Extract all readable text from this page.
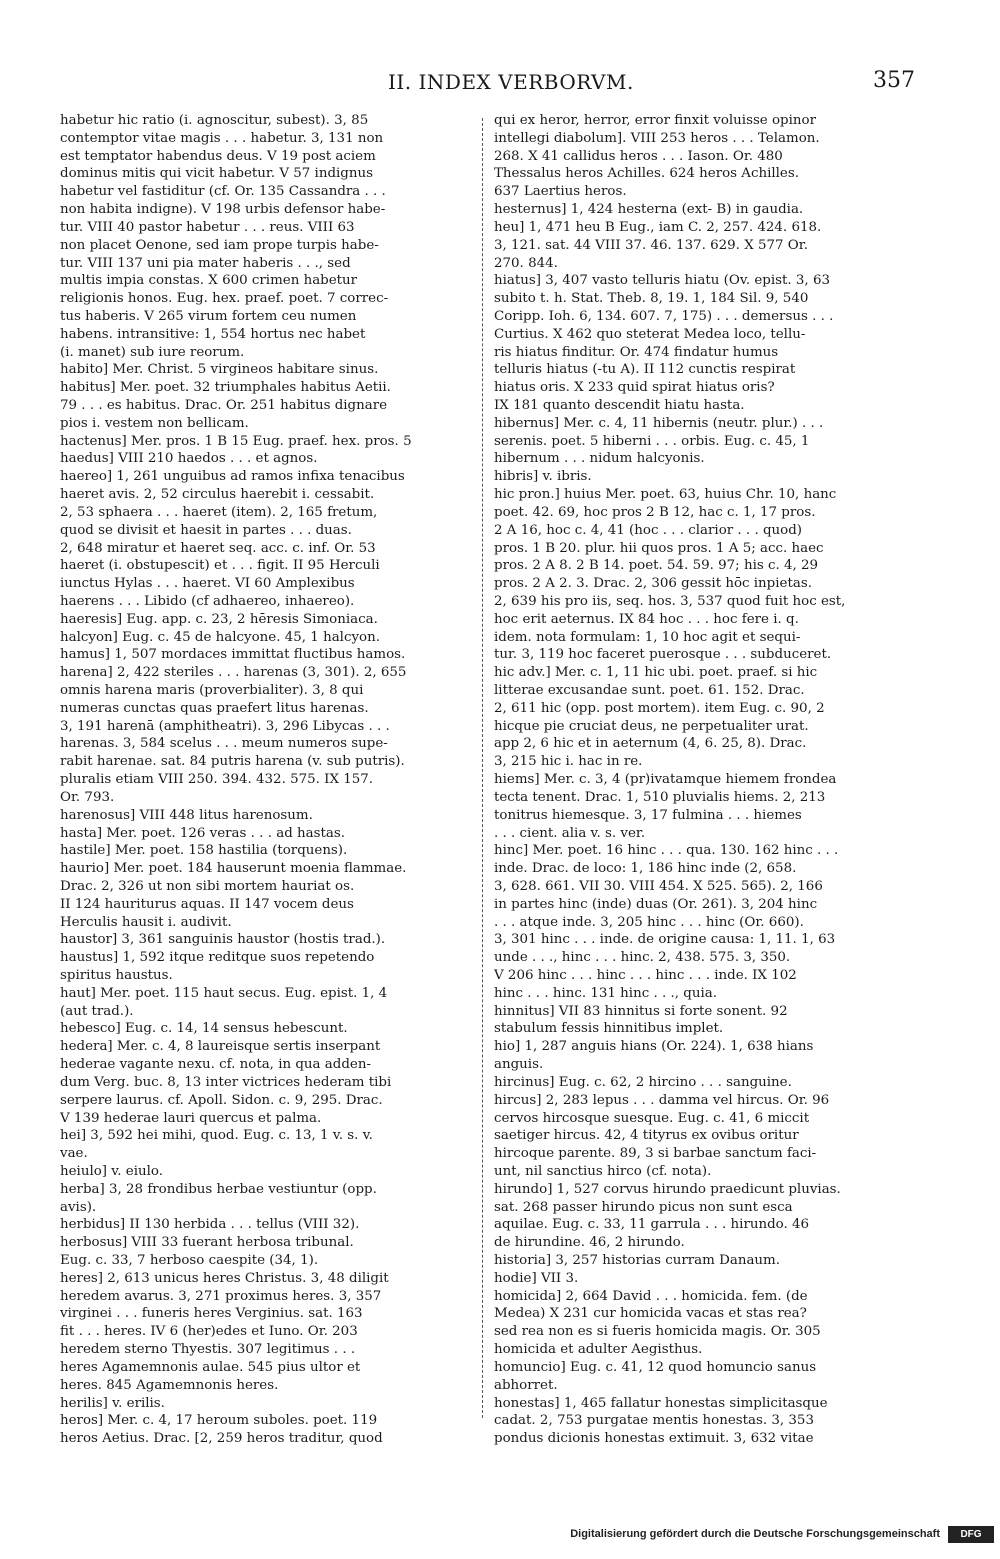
II. INDEX VERBORVM.	357
habetur hic ratio (i. agnoscitur, subest). 3, 85
contemptor vitae magis . . . habetur. 3, 131 non
est temptator habendus deus. V 19 post aciem
dominus mitis qui vicit habetur. V 57 indignus
habetur vel fastiditur (cf. Or. 135 Cassandra . . .
non habita indigne). V 198 urbis defensor habe-
tur. VIII 40 pastor habetur . . . reus. VIII 63
non placet Oenone, sed iam prope turpis habe-
tur. VIII 137 uni pia mater haberis . . ., sed
multis impia constas. X 600 crimen habetur
religionis honos. Eug. hex. praef. poet. 7 correc-
tus haberis. V 265 virum fortem ceu numen
habens. intransitive: 1, 554 hortus nec habet
(i. manet) sub iure reorum.
habito] Mer. Christ. 5 virgineos habitare sinus.
habitus] Mer. poet. 32 triumphales habitus Aetii.
79 . . . es habitus. Drac. Or. 251 habitus dignare
pios i. vestem non bellicam.
hactenus] Mer. pros. 1 B 15 Eug. praef. hex. pros. 5
haedus] VIII 210 haedos . . . et agnos.
haereo] 1, 261 unguibus ad ramos infixa tenacibus
haeret avis. 2, 52 circulus haerebit i. cessabit.
2, 53 sphaera . . . haeret (item). 2, 165 fretum,
quod se divisit et haesit in partes . . . duas.
2, 648 miratur et haeret seq. acc. c. inf. Or. 53
haeret (i. obstupescit) et . . . figit. II 95 Herculi
iunctus Hylas . . . haeret. VI 60 Amplexibus
haerens . . . Libido (cf adhaereo, inhaereo).
haeresis] Eug. app. c. 23, 2 hēresis Simoniaca.
halcyon] Eug. c. 45 de halcyone. 45, 1 halcyon.
hamus] 1, 507 mordaces immittat fluctibus hamos.
harena] 2, 422 steriles . . . harenas (3, 301). 2, 655
omnis harena maris (proverbialiter). 3, 8 qui
numeras cunctas quas praefert litus harenas.
3, 191 harenā (amphitheatri). 3, 296 Libycas . . .
harenas. 3, 584 scelus . . . meum numeros supe-
rabit harenae. sat. 84 putris harena (v. sub putris).
pluralis etiam VIII 250. 394. 432. 575. IX 157.
Or. 793.
harenosus] VIII 448 litus harenosum.
hasta] Mer. poet. 126 veras . . . ad hastas.
hastile] Mer. poet. 158 hastilia (torquens).
haurio] Mer. poet. 184 hauserunt moenia flammae.
Drac. 2, 326 ut non sibi mortem hauriat os.
II 124 hauriturus aquas. II 147 vocem deus
Herculis hausit i. audivit.
haustor] 3, 361 sanguinis haustor (hostis trad.).
haustus] 1, 592 itque reditque suos repetendo
spiritus haustus.
haut] Mer. poet. 115 haut secus. Eug. epist. 1, 4
(aut trad.).
hebesco] Eug. c. 14, 14 sensus hebescunt.
hedera] Mer. c. 4, 8 laureisque sertis inserpant
hederae vagante nexu. cf. nota, in qua adden-
dum Verg. buc. 8, 13 inter victrices hederam tibi
serpere laurus. cf. Apoll. Sidon. c. 9, 295. Drac.
V 139 hederae lauri quercus et palma.
hei] 3, 592 hei mihi, quod. Eug. c. 13, 1 v. s. v.
vae.
heiulo] v. eiulo.
herba] 3, 28 frondibus herbae vestiuntur (opp.
avis).
herbidus] II 130 herbida . . . tellus (VIII 32).
herbosus] VIII 33 fuerant herbosa tribunal.
Eug. c. 33, 7 herboso caespite (34, 1).
heres] 2, 613 unicus heres Christus. 3, 48 diligit
heredem avarus. 3, 271 proximus heres. 3, 357
virginei . . . funeris heres Verginius. sat. 163
fit . . . heres. IV 6 (her)edes et Iuno. Or. 203
heredem sterno Thyestis. 307 legitimus . . .
heres Agamemnonis aulae. 545 pius ultor et
heres. 845 Agamemnonis heres.
herilis] v. erilis.
heros] Mer. c. 4, 17 heroum suboles. poet. 119
heros Aetius. Drac. [2, 259 heros traditur, quod
qui ex heror, herror, error finxit voluisse opinor
intellegi diabolum]. VIII 253 heros . . . Telamon.
268. X 41 callidus heros . . . Iason. Or. 480
Thessalus heros Achilles. 624 heros Achilles.
637 Laertius heros.
hesternus] 1, 424 hesterna (ext- B) in gaudia.
heu] 1, 471 heu B Eug., iam C. 2, 257. 424. 618.
3, 121. sat. 44 VIII 37. 46. 137. 629. X 577 Or.
270. 844.
hiatus] 3, 407 vasto telluris hiatu (Ov. epist. 3, 63
subito t. h. Stat. Theb. 8, 19. 1, 184 Sil. 9, 540
Coripp. Ioh. 6, 134. 607. 7, 175) . . . demersus . . .
Curtius. X 462 quo steterat Medea loco, tellu-
ris hiatus finditur. Or. 474 findatur humus
telluris hiatus (-tu A). II 112 cunctis respirat
hiatus oris. X 233 quid spirat hiatus oris?
IX 181 quanto descendit hiatu hasta.
hibernus] Mer. c. 4, 11 hibernis (neutr. plur.) . . .
serenis. poet. 5 hiberni . . . orbis. Eug. c. 45, 1
hibernum . . . nidum halcyonis.
hibris] v. ibris.
hic pron.] huius Mer. poet. 63, huius Chr. 10, hanc
poet. 42. 69, hoc pros 2 B 12, hac c. 1, 17 pros.
2 A 16, hoc c. 4, 41 (hoc . . . clarior . . . quod)
pros. 1 B 20. plur. hii quos pros. 1 A 5; acc. haec
pros. 2 A 8. 2 B 14. poet. 54. 59. 97; his c. 4, 29
pros. 2 A 2. 3. Drac. 2, 306 gessit hōc inpietas.
2, 639 his pro iis, seq. hos. 3, 537 quod fuit hoc est,
hoc erit aeternus. IX 84 hoc . . . hoc fere i. q.
idem. nota formulam: 1, 10 hoc agit et sequi-
tur. 3, 119 hoc faceret puerosque . . . subduceret.
hic adv.] Mer. c. 1, 11 hic ubi. poet. praef. si hic
litterae excusandae sunt. poet. 61. 152. Drac.
2, 611 hic (opp. post mortem). item Eug. c. 90, 2
hicque pie cruciat deus, ne perpetualiter urat.
app 2, 6 hic et in aeternum (4, 6. 25, 8). Drac.
3, 215 hic i. hac in re.
hiems] Mer. c. 3, 4 (pr)ivatamque hiemem frondea
tecta tenent. Drac. 1, 510 pluvialis hiems. 2, 213
tonitrus hiemesque. 3, 17 fulmina . . . hiemes
. . . cient. alia v. s. ver.
hinc] Mer. poet. 16 hinc . . . qua. 130. 162 hinc . . .
inde. Drac. de loco: 1, 186 hinc inde (2, 658.
3, 628. 661. VII 30. VIII 454. X 525. 565). 2, 166
in partes hinc (inde) duas (Or. 261). 3, 204 hinc
. . . atque inde. 3, 205 hinc . . . hinc (Or. 660).
3, 301 hinc . . . inde. de origine causa: 1, 11. 1, 63
unde . . ., hinc . . . hinc. 2, 438. 575. 3, 350.
V 206 hinc . . . hinc . . . hinc . . . inde. IX 102
hinc . . . hinc. 131 hinc . . ., quia.
hinnitus] VII 83 hinnitus si forte sonent. 92
stabulum fessis hinnitibus implet.
hio] 1, 287 anguis hians (Or. 224). 1, 638 hians
anguis.
hircinus] Eug. c. 62, 2 hircino . . . sanguine.
hircus] 2, 283 lepus . . . damma vel hircus. Or. 96
cervos hircosque suesque. Eug. c. 41, 6 miccit
saetiger hircus. 42, 4 tityrus ex ovibus oritur
hircoque parente. 89, 3 si barbae sanctum faci-
unt, nil sanctius hirco (cf. nota).
hirundo] 1, 527 corvus hirundo praedicunt pluvias.
sat. 268 passer hirundo picus non sunt esca
aquilae. Eug. c. 33, 11 garrula . . . hirundo. 46
de hirundine. 46, 2 hirundo.
historia] 3, 257 historias curram Danaum.
hodie] VII 3.
homicida] 2, 664 David . . . homicida. fem. (de
Medea) X 231 cur homicida vacas et stas rea?
sed rea non es si fueris homicida magis. Or. 305
homicida et adulter Aegisthus.
homuncio] Eug. c. 41, 12 quod homuncio sanus
abhorret.
honestas] 1, 465 fallatur honestas simplicitasque
cadat. 2, 753 purgatae mentis honestas. 3, 353
pondus dicionis honestas extimuit. 3, 632 vitae
Digitalisierung gefördert durch die Deutsche Forschungsgemeinschaft	DFG
